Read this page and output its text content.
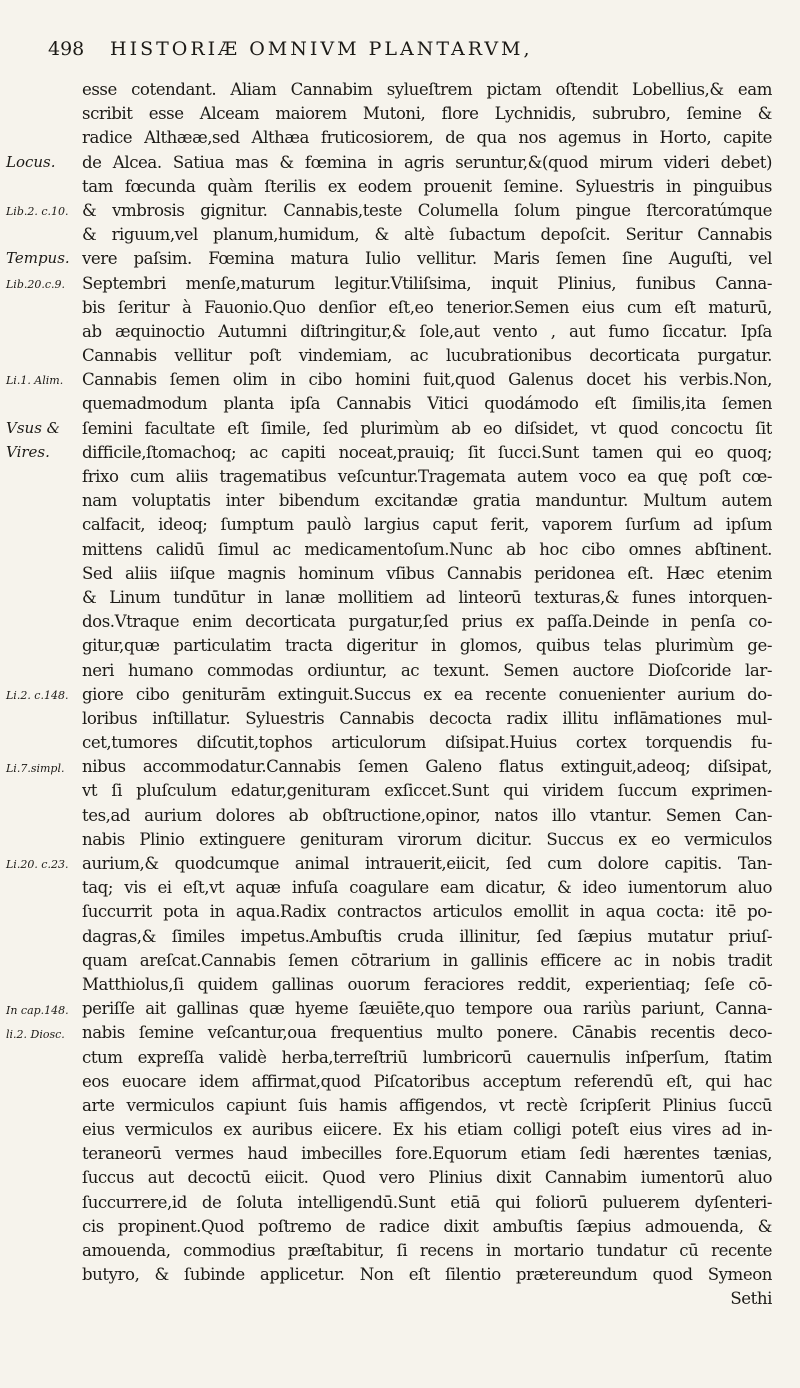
498 HISTORIÆ OMNIVM PLANTARVM,
Locus.
Lib.2. c.10.
Tempus.
Lib.20.c.9.
Li.1. Alim.
Vsus &
Vires.
Li.2. c.148.
Li.7.simpl.
Li.20. c.23.
In cap.148.
li.2. Diosc.
esse cotendant. Aliam Cannabim sylueſtrem pictam oſtendit Lobellius,& eam
scribit esse Alceam maiorem Mutoni, flore Lychnidis, subrubro, ſemine &
radice Althææ,sed Althæa fruticosiorem, de qua nos agemus in Horto, capite
de Alcea. Satiua mas & fœmina in agris seruntur,&(quod mirum videri debet)
tam fœcunda quàm ſterilis ex eodem prouenit ſemine. Syluestris in pinguibus
& vmbrosis gignitur. Cannabis,teste Columella ſolum pingue ſtercoratúmque
& riguum,vel planum,humidum, & altè ſubactum depoſcit. Seritur Cannabis
vere paſsim. Fœmina matura Iulio vellitur. Maris ſemen ſine Auguſti, vel
Septembri menſe,maturum legitur.Vtiliſsima, inquit Plinius, funibus Canna-
bis ſeritur à Fauonio.Quo denſior eſt,eo tenerior.Semen eius cum eſt maturū,
ab æquinoctio Autumni diſtringitur,& ſole,aut vento , aut fumo ſiccatur. Ipſa
Cannabis vellitur poſt vindemiam, ac lucubrationibus decorticata purgatur.
Cannabis ſemen olim in cibo homini fuit,quod Galenus docet his verbis.Non,
quemadmodum planta ipſa Cannabis Vitici quodámodo eſt ſimilis,ita ſemen
ſemini facultate eſt ſimile, ſed plurimùm ab eo diſsidet, vt quod concoctu ſit
difficile,ſtomachoq; ac capiti noceat,prauiq; ſit ſucci.Sunt tamen qui eo quoq;
frixo cum aliis tragematibus veſcuntur.Tragemata autem voco ea quę poſt cœ-
nam voluptatis inter bibendum excitandæ gratia manduntur. Multum autem
calfacit, ideoq; ſumptum paulò largius caput ferit, vaporem ſurſum ad ipſum
mittens calidū ſimul ac medicamentoſum.Nunc ab hoc cibo omnes abſtinent.
Sed aliis iiſque magnis hominum vſibus Cannabis peridonea eſt. Hæc etenim
& Linum tundūtur in lanæ mollitiem ad linteorū texturas,& funes intorquen-
dos.Vtraque enim decorticata purgatur,ſed prius ex paſſa.Deinde in penſa co-
gitur,quæ particulatim tracta digeritur in glomos, quibus telas plurimùm ge-
neri humano commodas ordiuntur, ac texunt. Semen auctore Dioſcoride lar-
giore cibo geniturām extinguit.Succus ex ea recente conuenienter aurium do-
loribus inſtillatur. Syluestris Cannabis decocta radix illitu inflāmationes mul-
cet,tumores diſcutit,tophos articulorum diſsipat.Huius cortex torquendis fu-
nibus accommodatur.Cannabis ſemen Galeno flatus extinguit,adeoq; diſsipat,
vt ſi pluſculum edatur,genituram exſiccet.Sunt qui viridem ſuccum exprimen-
tes,ad aurium dolores ab obſtructione,opinor, natos illo vtantur. Semen Can-
nabis Plinio extinguere genituram virorum dicitur. Succus ex eo vermiculos
aurium,& quodcumque animal intrauerit,eiicit, ſed cum dolore capitis. Tan-
taq; vis ei eſt,vt aquæ infuſa coagulare eam dicatur, & ideo iumentorum aluo
ſuccurrit pota in aqua.Radix contractos articulos emollit in aqua cocta: itē po-
dagras,& ſimiles impetus.Ambuſtis cruda illinitur, ſed ſæpius mutatur priuſ-
quam areſcat.Cannabis ſemen cōtrarium in gallinis efficere ac in nobis tradit
Matthiolus,ſi quidem gallinas ouorum feraciores reddit, experientiaq; ſeſe cō-
periſſe ait gallinas quæ hyeme ſæuiēte,quo tempore oua rariùs pariunt, Canna-
nabis ſemine veſcantur,oua frequentius multo ponere. Cānabis recentis deco-
ctum expreſſa validè herba,terreſtriū lumbricorū cauernulis inſperſum, ſtatim
eos euocare idem affirmat,quod Piſcatoribus acceptum referendū eſt, qui hac
arte vermiculos capiunt ſuis hamis affigendos, vt rectè ſcripſerit Plinius ſuccū
eius vermiculos ex auribus eiicere. Ex his etiam colligi poteſt eius vires ad in-
teraneorū vermes haud imbecilles fore.Equorum etiam ſedi hærentes tænias,
ſuccus aut decoctū eiicit. Quod vero Plinius dixit Cannabim iumentorū aluo
ſuccurrere,id de ſoluta intelligendū.Sunt etiā qui foliorū puluerem dyſenteri-
cis propinent.Quod poſtremo de radice dixit ambuſtis ſæpius admouenda, &
amouenda, commodius præſtabitur, ſi recens in mortario tundatur cū recente
butyro, & ſubinde applicetur. Non eſt ſilentio prætereundum quod Symeon
Sethi
